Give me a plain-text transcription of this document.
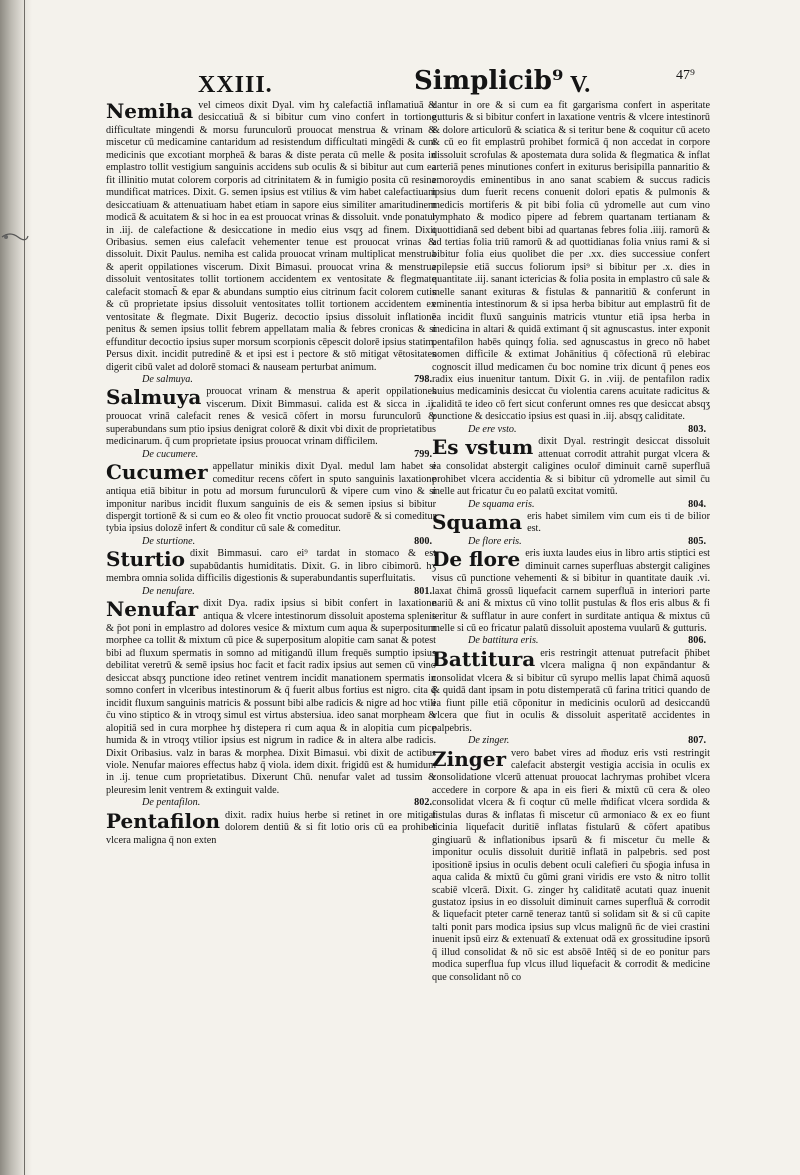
XXIII.	Simplicib⁹ V.	47⁹
Nemiha vel cimeos dixit Dyal. vim hʒ calefactiā inflamatiuā & desiccatiuā & si bibitur cum vino confert in tortione difficultate mingendi & morsu furunculorū prouocat menstrua & vrinam & miscetur cū medicamine cantaridum ad resistendum difficultati mingēdi & cum medicinis que excotiant morpheā & baras & diste perata cū melle & posita in emplastro tollit vestigium sanguinis accidens sub oculis & si bibitur aut cum ea fit illinitio mutat colorem corporis ad citrinitatem & in fumigio posita cū resina mundificat matrices. Dixit. G. semen ipsius est vtilius & vim habet calefactiuam desiccatiuam & attenuatiuam habet etiam in sapore eius similiter amaritudinem modicā & acuitatem & si hoc in ea est prouocat vrinas & dissoluit. vnde ponatur in .iij. de calefactione & desiccatione in medio eius vsqʒ ad finem. Dixit Oribasius. semen eius calefacit vehementer tenue est prouocat vrinas & dissoluit. Dixit Paulus. nemiha est calida prouocat vrinam multiplicat menstrua & aperit oppilationes viscerum. Dixit Bimasui. prouocat vrina & menstrua dissoluit ventositates tollit tortionem accidentem ex ventositate & flegmate calefacit stomach̄ & epar & abundans sumptio eius citrinum facit colorem cutis & cū proprietate ipsius dissoluit ventositates tollit tortionem accidentem ex ventositate & flegmate. Dixit Bugeriz. decoctio ipsius dissoluit inflationē penitus & semen ipsius tollit febrem appellatam malia & febres cronicas & si effunditur decoctio ipsius super morsum scorpionis cēpescit dolorē ipsius statim. Persus dixit. incidit putredinē & et ipsi est i pectore & stō mitigat vētositates digerit cibū valet ad dolorē stomaci & nauseam perturbat animum.
De salmuya.	798.
Salmuya prouocat vrinam & menstrua & aperit oppilationes viscerum. Dixit Bimmasui. calida est & sicca in .ij. prouocat vrinā calefacit renes & vesicā cōfert in morsu furunculorū & superabundans sum ptio ipsius denigrat colorē & dixit vbi dixit de proprietatibus medicinarum. q̄ cum proprietate ipsius prouocat vrinam difficilem.
De cucumere.	799.
Cucumer appellatur minikis dixit Dyal. medul lam habet si comeditur recens cōfert in sputo sanguinis laxatione antiqua etiā bibitur in potu ad morsum furunculorū & vipere cum vino & si imponitur naribus incidit fluxum sanguinis de eis & semen ipsius si bibitur dispergit tortionē & si cum eo & oleo fit vnctio prouocat sudorē & si comeditur tybia ipsius dolozē infert & conditur cū sale & comeditur.
De sturtione.	800.
Sturtio dixit Bimmasui. caro ei⁹ tardat in stomaco & est supabūdantis humiditatis. Dixit. G. in libro cibimorū. hʒ membra omnia solida difficilis digestionis & superabundantis superfluitatis.
De nenufare.	801.
Nenufar dixit Dya. radix ipsius si bibit confert in laxatione antiqua & vlcere intestinorum dissoluit apostema splenis & p̄ot poni in emplastro ad dolores vesice & mixtum cum aqua & superpositum morphee ca tollit & mixtum cū pice & superpositum alopitie cam sanat & potest bibi ad fluxum spermatis in somno ad mitigandū illum frequēs sumptio ipsius debilitat veretrū & semē ipsius hoc facit et facit radix ipsius aut semen cū vino desiccat absqʒ punctione ideo retinet ventrem incidit manationem spermatis in somno confert in vlceribus intestinorum & q̄ fuerit albus fortius est nigro. cita q̄ incidit fluxum sanguinis matricis & possunt bibi albe radicis & nigre ad hoc vtili c̄u vino stiptico & in vtroqʒ simul est virtus abstersiua. ideo sanat morpheam & alopitiā sed in cura morphee hʒ distepera ri cum aqua & in alopitia cum pice humida & in vtroqʒ vtilior ipsius est nigrum in radice & in altera albe radicis. Dixit Oribasius. valz in baras & morphea. Dixit Bimasui. vbi dixit de actibus viole. Nenufar maiores effectus habz q̄ viola. idem dixit. frigidū est & humidum in .ij. tenue cum proprietatibus. Dixerunt Chū. nenufar valet ad tussim & pleuresim lenit ventrem & extinguit valde.
De pentafilon.	802.
Pentafilon dixit. radix huius herbe si retinet in ore mitigat dolorem dentiū & si fit lotio oris cū ea prohibet vlcera maligna q̄ non exten
dantur in ore & si cum ea fit gargarisma confert in asperitate gutturis & si bibitur confert in laxatione ventris & vlcere intestinorū & dolore articulorū & sciatica & si teritur bene & coquitur cū aceto & cū eo fit emplastrū prohibet formicā q̄ non accedat in corpore dissoluit scrofulas & apostemata dura solida & flegmatica & inflat arteriā penes minutiones confert in exiturus berisipilla pannaritio & emoroydis eminentibus in ano sanat scabiem & succus radicis ipsius dum fuerit recens conuenit dolori epatis & pulmonis & medicis mortiferis & pit bibi folia cū ydromelle aut cum vino lymphato & modico pipere ad febrem quartanam tertianam & quottidianā sed debent bibi ad quartanas febres folia .iiij. ramorū & ad tertias folia triū ramorū & ad quottidianas folia vnius rami & si bibitur folia eius quolibet die per .xx. dies successiue confert epilepsie etiā succus foliorum ipsi⁹ si bibitur per .x. dies in quantitate .iij. sanant ictericias & folia posita in emplastro cū sale & melle sanant exituras & fistulas & pannaritiū & conferunt in eminentia intestinorum & si ipsa herba bibitur aut emplastrū fit de ea incidit fluxū sanguinis matricis vtuntur etiā ipsa herba in medicina in altari & quidā extimant q̄ sit agnuscastus. inter exponit pentafilon habēs quinqʒ folia. sed agnuscastus in greco nō habet nomen difficile & extimat Johānitius q̄ cōfectionā rū elebirac cognoscit illud medicamen c̄u boc nomine trix dicunt q̄ penes eos radix eius inuenitur tantum. Dixit G. in .viij. de pentafilon radix huius medicaminis desiccat c̄u violentia carens acuitate radicitus & caliditā te ideo cō fert sicut conferunt omnes res que desiccat absqʒ punctione & desiccatio ipsius est quasi in .iij. absqʒ caliditate.
De ere vsto.	803.
Es vstum dixit Dyal. restringit desiccat dissoluit attenuat corrodit attrahit purgat vlcera & ea consolidat abstergit caligines oculor̄ diminuit carnē superfluā prohibet vlcera accidentia & si bibitur cū ydromelle aut simil c̄u melle aut fricatur c̄u eo palatū excitat vomitū.
De squama eris.	804.
Squama eris habet similem vim cum eis ti de bilior est.
De flore eris.	805.
De flore eris iuxta laudes eius in libro artis stiptici est diminuit carnes superfluas abstergit caligines visus cū punctione vehementi & si bibitur in quantitate dauik .vi. laxat c̄himā grossū liquefacit carnem superfluā in interiori parte nariū & ani & mixtus cū vino tollit pustulas & flos eris albus & fi teritur & sufflatur in aure confert in surditate antiqua & mixtus cū melle si cū eo fricatur palatū dissoluit apostema vuularū & gutturis.
De battitura eris.	806.
Battitura eris restringit attenuat putrefacit p̄hibet vlcera maligna q̄ non expāndantur & consolidat vlcera & si bibitur cū syrupo mellis lapat c̄himā aquosū & quidā dant ipsam in potu distemperatā cū farina tritici quando de ea fiunt pille etiā cōponitur in medicinis oculorū ad desiccandū vlcera que fiut in oculis & dissoluit asperitatē accidentes in palpebris.
De zinger.	807.
Zinger vero babet vires ad m̄oduz eris vsti restringit calefacit abstergit vestigia accisia in oculis ex consolidatione vlcerū attenuat prouocat lachrymas prohibet vlcera accedere in corpore & apa in eis fieri & mixtū cū cera & oleo consolidat vlcera & fi coqtur cū melle m̄dificat vlcera sordida & fistulas duras & inflatas fi miscetur cū armoniaco & ex eo fiunt licinia liquefacit duritiē inflatas fistularū & cōfert apatibus gingiuarū & inflationibus ipsarū & fi miscetur c̄u melle & imponitur oculis dissoluit duritiē inflatā in palpebris. sed post ipositionē ipsius in oculis debent oculi calefieri c̄u sp̄ogia infusa in aqua calida & mixtū c̄u gūmi grani viridis ere vsto & nitro tollit scabiē vlcerā. Dixit. G. zinger hʒ caliditatē acutati quaz inuenit gustatoz ipsius in eo dissoluit diminuit carnes superfluā & corrodit & liquefacit pteter carnē teneraz tantū si solidam sit & si cū capite talti ponit pars modica ipsius sup vlcus malignū n̄c de viei crastini inuenit ipsū eirz & extenuatī & extenuat odā ex grossitudine ipsorū q̄ illud consolidat & nō sic est absōē Intēq̄ si de eo ponitur pars modica superflua fup vlcus illud liquefacit & corrodit & medicine que consolidant nō co
